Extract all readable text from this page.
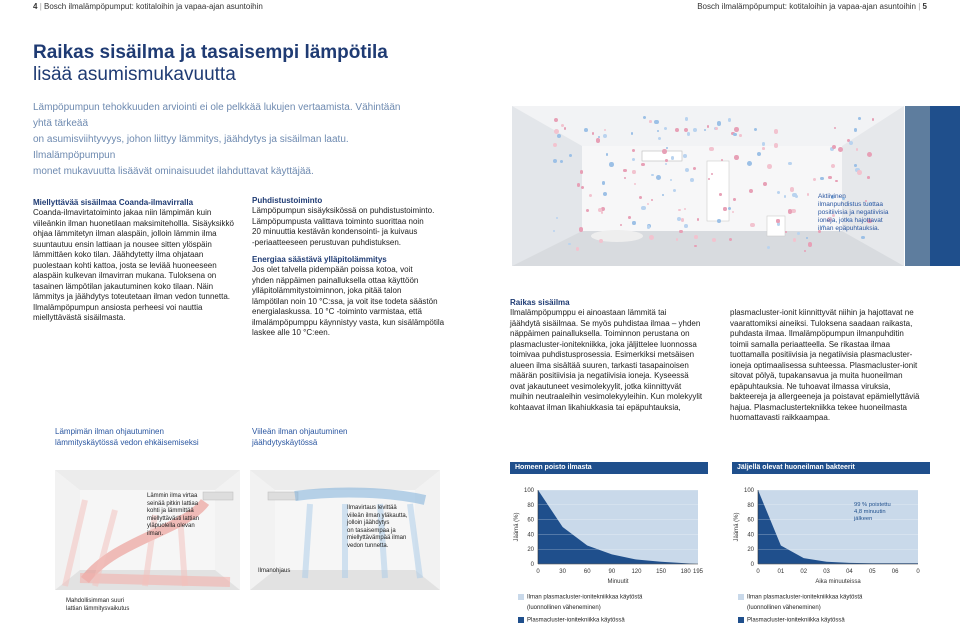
4 | Bosch ilmalämpöpumput: kotitaloihin ja vapaa-ajan asuntoihin	Bosch ilmalämpöpumput: kotitaloihin ja vapaa-ajan asuntoihin | 5
Raikas sisäilma ja tasaisempi lämpötila
lisää asumismukavuutta
Lämpöpumpun tehokkuuden arviointi ei ole pelkkää lukujen vertaamista. Vähintään yhtä tärkeää
on asumisviihtyvyys, johon liittyy lämmitys, jäähdytys ja sisäilman laatu. Ilmalämpöpumpun
monet mukavuutta lisäävät ominaisuudet ilahduttavat käyttäjää.
Miellyttävää sisäilmaa Coanda-ilmavirralla
Coanda-ilmavirtatoiminto jakaa niin lämpimän kuin
viileänkin ilman huonetilaan maksimitehollla. Sisäyksikkö
ohjaa lämmitetyn ilman alaspäin, jolloin lämmin ilma
suuntautuu ensin lattiaan ja nousee sitten ylöspäin
lämmittäen koko tilan. Jäähdytetty ilma ohjataan
puolestaan kohti kattoa, josta se leviää huoneeseen
alaspäin kulkevan ilmavirran mukana. Tuloksena on
tasainen lämpötilan jakautuminen koko tilaan. Näin
lämmitys ja jäähdytys toteutetaan ilman vedon tunnetta.
Ilmalämpöpumpun ansiosta perheesi voi nauttia
miellyttävästä sisäilmasta.
Puhdistustoiminto
Lämpöpumpun sisäyksikössä on puhdistustoiminto.
Lämpöpumpusta valittava toiminto suorittaa noin
20 minuuttia kestävän kondensointi- ja kuivaus
-periaatteeseen perustuvan puhdistuksen.
Energiaa säästävä ylläpitolämmitys
Jos olet talvella pidempään poissa kotoa, voit
yhden näppäimen painalluksella ottaa käyttöön
ylläpitolämmitystoiminnon, joka pitää talon
lämpötilan noin 10 °C:ssa, ja voit itse todeta säästön
energialaskussa. 10 °C -toiminto varmistaa, että
ilmalämpöpumppu käynnistyy vasta, kun sisälämpötila
laskee alle 10 °C:een.
Lämpimän ilman ohjautuminen
lämmityskäytössä vedon ehkäisemiseksi
Viileän ilman ohjautuminen
jäähdytyskäytössä
Lämmin ilma virtaa
seinää pitkin lattiaa
kohti ja lämmittää
miellyttävästi lattian
yläpuolella olevan
ilman.
Mahdollisimman suuri
lattian lämmitysvaikutus
Ilmavirtaus levittää
viileän ilman yläkautta,
jolloin jäähdytys
on tasaisempaa ja
miellyttävämpää ilman
vedon tunnetta.
Ilmanohjaus
Aktiivinen
ilmanpuhdistus tuottaa
positiivisia ja negatiivisia
ioneja, jotka hajottavat
ilman epäpuhtauksia.
Raikas sisäilma
Ilmalämpöpumppu ei ainoastaan lämmitä tai
jäähdytä sisäilmaa. Se myös puhdistaa ilmaa – yhden
näppäimen painalluksella. Toiminnon perustana on
plasmacluster-ionitekniikka, joka jäljittelee luonnossa
toimivaa puhdistusprosessia. Esimerkiksi metsäisen
alueen ilma sisältää suuren, tarkasti tasapainoisen
määrän positiivisia ja negatiivisia ioneja. Kyseessä
ovat jakautuneet vesimolekyylit, jotka kiinnittyvät
muihin neutraaleihin vesimolekyyleihin. Kun molekyylit
kohtaavat ilman likahiukkasia tai epäpuhtauksia,
plasmacluster-ionit kiinnittyvät niihin ja hajottavat ne
vaarattomiksi aineiksi. Tuloksena saadaan raikasta,
puhdasta ilmaa. Ilmalämpöpumpun ilmanpuhditin
toimii samalla periaatteella. Se rikastaa ilmaa
tuottamalla positiivisia ja negatiivisia plasmacluster-
ioneja optimaalisessa suhteessa. Plasmacluster-ionit
sitovat pölyä, tupakansavua ja muita huoneilman
epäpuhtauksia. Ne tuhoavat ilmassa viruksia,
bakteereja ja allergeeneja ja poistavat epämiellyttäviä
hajua. Plasmaclustertekniikka tekee huoneilmasta
huomattavasti raikkaampaa.
Homeen poisto ilmasta
0
20
40
60
80
100
0	30	60	90	120 150 180 195
Jäämä (%)
Minuutit
Ilman plasmacluster-ionitekniikkaa käytöstä
(luonnollinen väheneminen)
Plasmacluster-ionitekniikka käytössä
Jäljellä olevat huoneilman bakteerit
0
20
40
60
80
100
0	01	02	03	04	05	06	0
Jäämä (%)
Aika minuuteissa
99 % poistettu
4,8 minuutin
jälkeen
Ilman plasmacluster-ionitekniikkaa käytöstä
(luonnollinen väheneminen)
Plasmacluster-ionitekniikka käytössä
